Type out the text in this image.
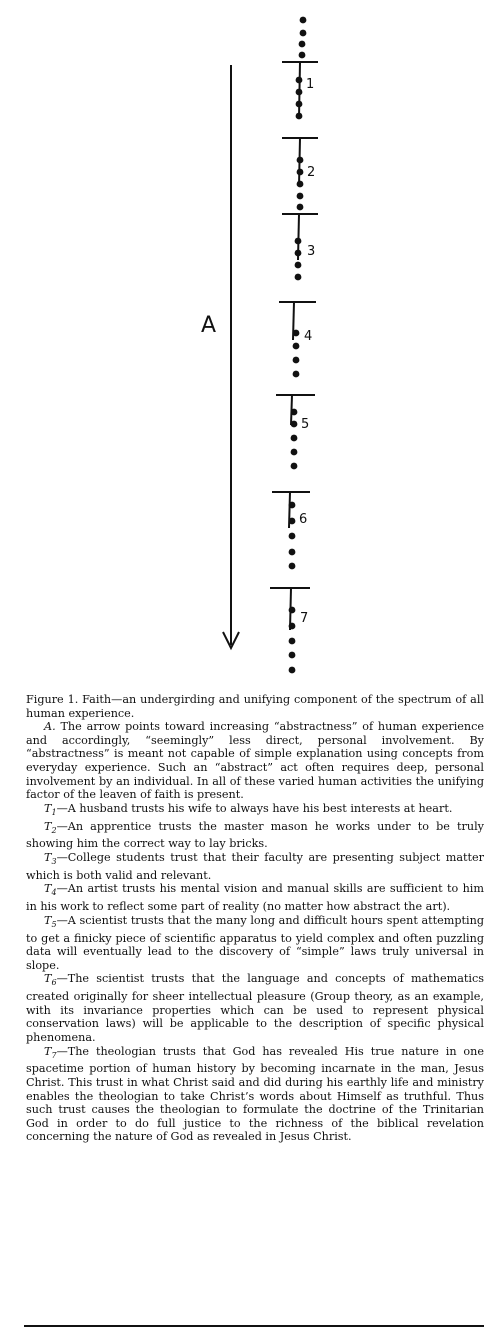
A
1
2
3
4
5
6
7

Figure 1. Faith—an undergirding and unifying component of the spectrum of all human experience.

A. The arrow points toward increasing “abstractness” of human experience and accordingly, “seemingly” less direct, personal involvement. By “abstractness” is meant not capable of simple explanation using concepts from everyday experience. Such an “abstract” act often requires deep, personal involvement by an individual. In all of these varied human activities the unifying factor of the leaven of faith is present.

$T_1—A$ husband trusts his wife to always have his best interests at heart.

$T_2—An$ apprentice trusts the master mason he works under to be truly showing him the correct way to lay bricks.

$T_3—College$ students trust that their faculty are presenting subject matter which is both valid and relevant.

$T_4—An$ artist trusts his mental vision and manual skills are sufficient to him in his work to reflect some part of reality (no matter how abstract the art).

$T_5—A$ scientist trusts that the many long and difficult hours spent attempting to get a finicky piece of scientific apparatus to yield complex and often puzzling data will eventually lead to the discovery of “simple” laws truly universal in slope.

$T_6—The$ scientist trusts that the language and concepts of mathematics created originally for sheer intellectual pleasure (Group theory, as an example, with its invariance properties which can be used to represent physical conservation laws) will be applicable to the description of specific physical phenomena.

$T_7—The$ theologian trusts that God has revealed His true nature in one spacetime portion of human history by becoming incarnate in the man, Jesus Christ. This trust in what Christ said and did during his earthly life and ministry enables the theologian to take Christ’s words about Himself as truthful. Thus such trust causes the theologian to formulate the doctrine of the Trinitarian God in order to do full justice to the richness of the biblical revelation concerning the nature of God as revealed in Jesus Christ.
